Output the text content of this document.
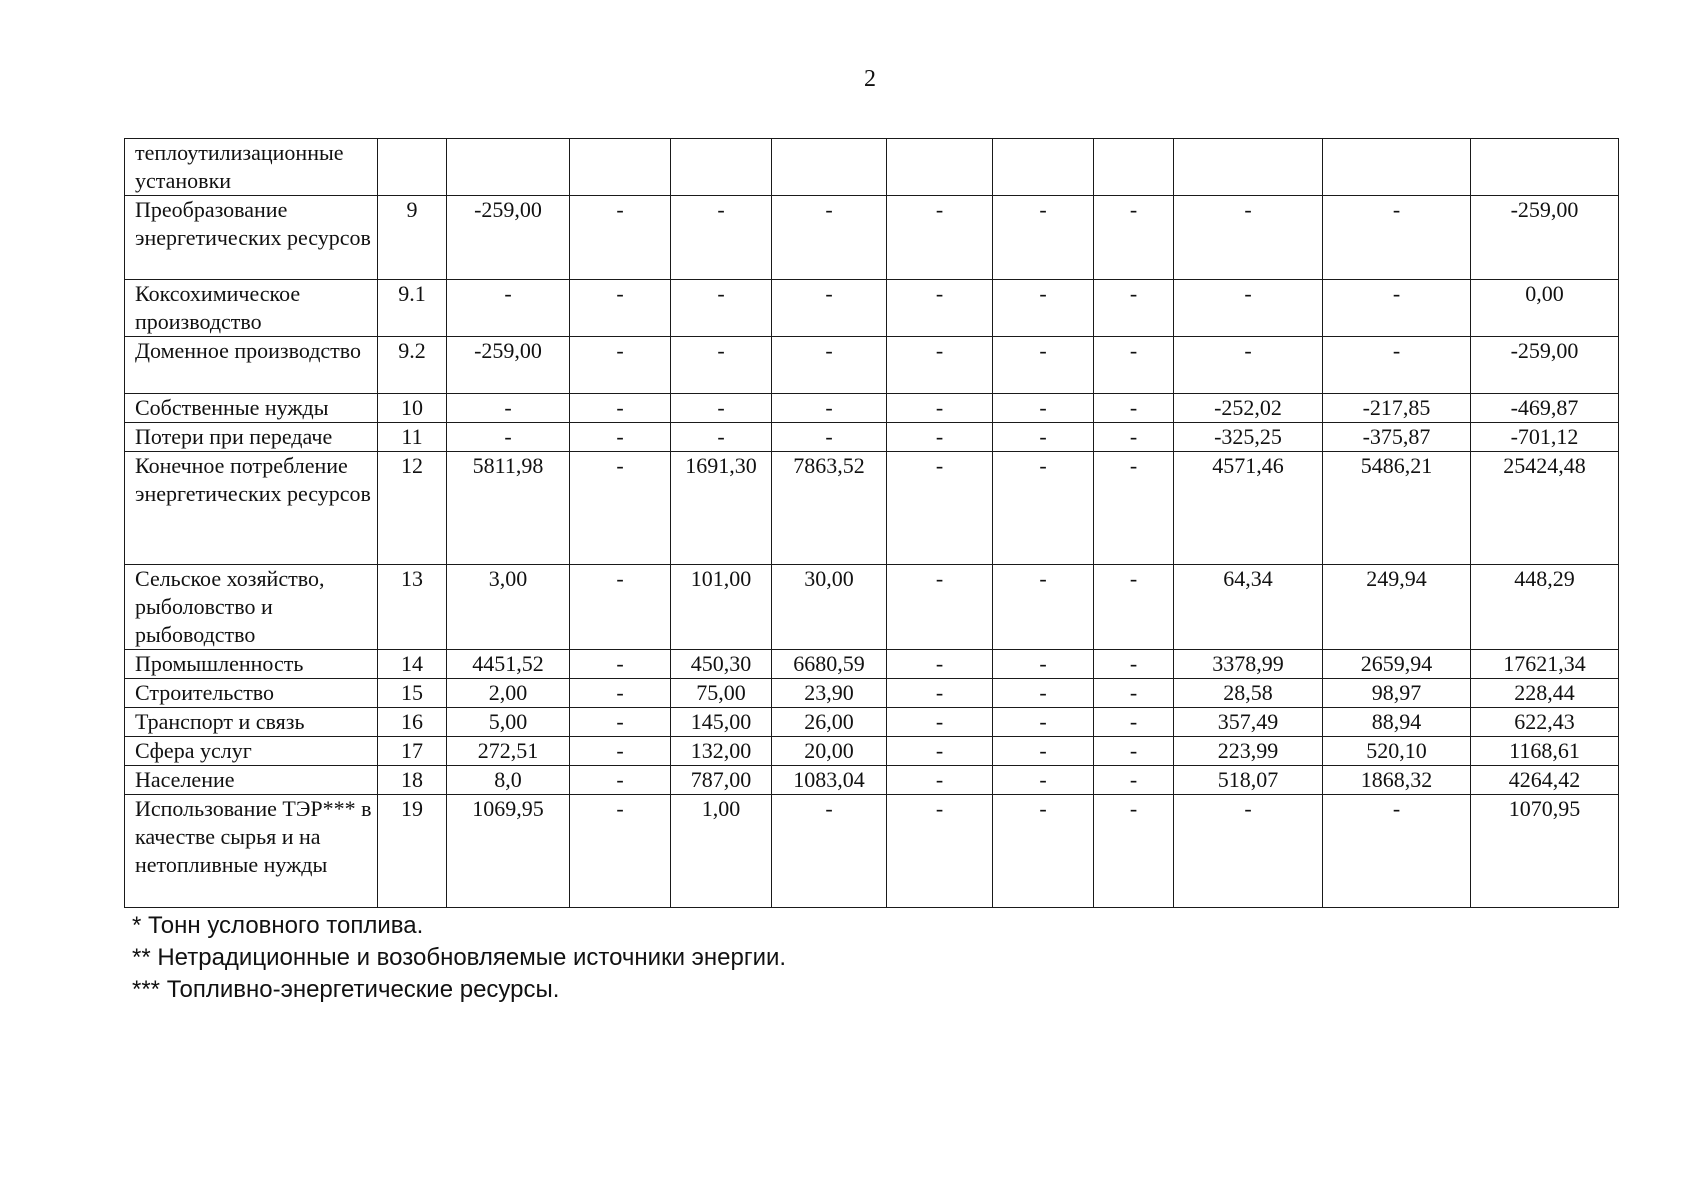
2
теплоутилизационные установки											
Преобразование энергетических ресурсов	9	-259,00	-	-	-	-	-	-	-	-	-259,00
Коксохимическое производство	9.1	-	-	-	-	-	-	-	-	-	0,00
Доменное производство	9.2	-259,00	-	-	-	-	-	-	-	-	-259,00
Собственные нужды	10	-	-	-	-	-	-	-	-252,02	-217,85	-469,87
Потери при передаче	11	-	-	-	-	-	-	-	-325,25	-375,87	-701,12
Конечное потребление энергетических ресурсов	12	5811,98	-	1691,30	7863,52	-	-	-	4571,46	5486,21	25424,48
Сельское хозяйство, рыболовство и рыбоводство	13	3,00	-	101,00	30,00	-	-	-	64,34	249,94	448,29
Промышленность	14	4451,52	-	450,30	6680,59	-	-	-	3378,99	2659,94	17621,34
Строительство	15	2,00	-	75,00	23,90	-	-	-	28,58	98,97	228,44
Транспорт и связь	16	5,00	-	145,00	26,00	-	-	-	357,49	88,94	622,43
Сфера услуг	17	272,51	-	132,00	20,00	-	-	-	223,99	520,10	1168,61
Население	18	8,0	-	787,00	1083,04	-	-	-	518,07	1868,32	4264,42
Использование ТЭР*** в качестве сырья и на нетопливные нужды	19	1069,95	-	1,00	-	-	-	-	-	-	1070,95

* Тонн условного топлива.

** Нетрадиционные и возобновляемые источники энергии.

*** Топливно-энергетические ресурсы.
